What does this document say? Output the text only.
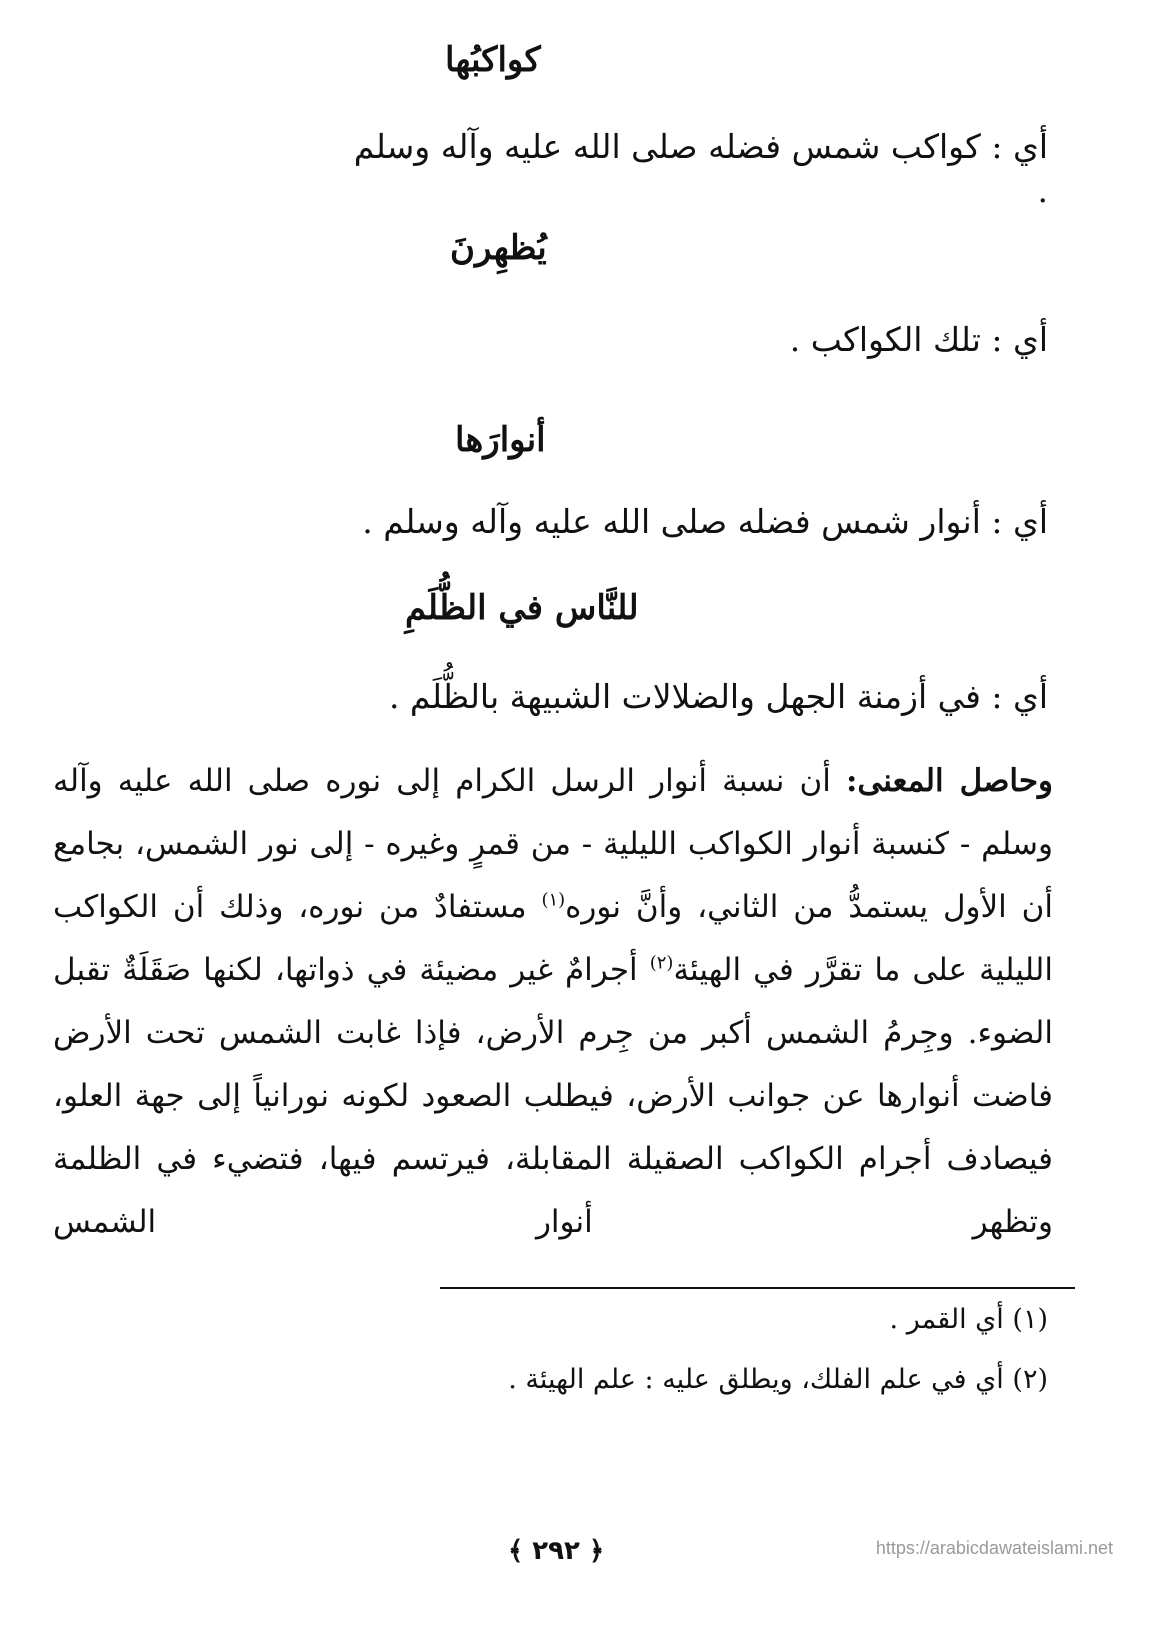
كواكبُها
أي : كواكب شمس فضله صلى الله عليه وآله وسلم .
يُظهِرنَ
أي : تلك الكواكب .
أنوارَها
أي : أنوار شمس فضله صلى الله عليه وآله وسلم .
للنَّاس في الظُّلَمِ
أي : في أزمنة الجهل والضلالات الشبيهة بالظُّلَم .
وحاصل المعنى: أن نسبة أنوار الرسل الكرام إلى نوره صلى الله عليه وآله وسلم - كنسبة أنوار الكواكب الليلية - من قمرٍ وغيره - إلى نور الشمس، بجامع أن الأول يستمدُّ من الثاني، وأنَّ نوره$^{(١)}$ مستفادٌ من نوره، وذلك أن الكواكب الليلية على ما تقرَّر في الهيئة$^{(٢)}$ أجرامٌ غير مضيئة في ذواتها، لكنها صَقَلَةٌ تقبل الضوء. وجِرمُ الشمس أكبر من جِرم الأرض، فإذا غابت الشمس تحت الأرض فاضت أنوارها عن جوانب الأرض، فيطلب الصعود لكونه نورانياً إلى جهة العلو، فيصادف أجرام الكواكب الصقيلة المقابلة، فيرتسم فيها، فتضيء في الظلمة وتظهر أنوار الشمس
(١) أي القمر .
(٢) أي في علم الفلك، ويطلق عليه : علم الهيئة .
﴿ ٢٩٢ ﴾	https://arabicdawateislami.net
